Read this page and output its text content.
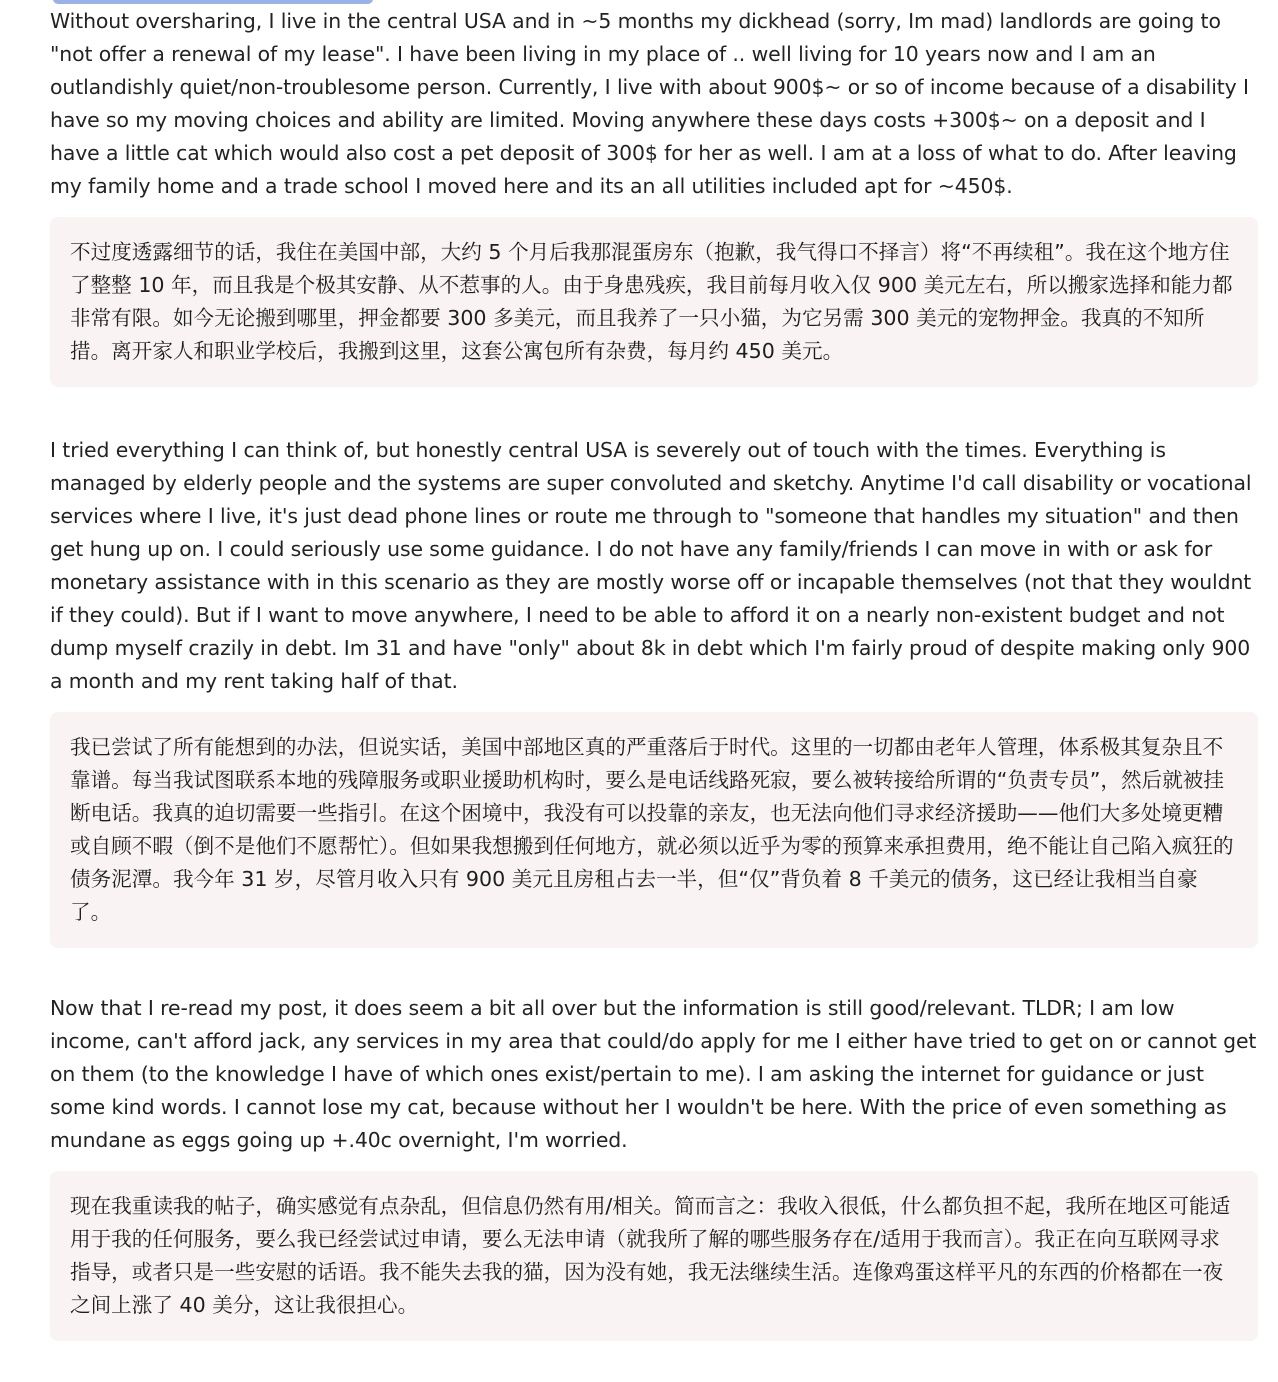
Without oversharing, I live in the central USA and in ~5 months my dickhead (sorry, Im mad) landlords are going to "not offer a renewal of my lease". I have been living in my place of .. well living for 10 years now and I am an outlandishly quiet/non-troublesome person. Currently, I live with about 900$~ or so of income because of a disability I have so my moving choices and ability are limited. Moving anywhere these days costs +300$~ on a deposit and I have a little cat which would also cost a pet deposit of 300$ for her as well. I am at a loss of what to do. After leaving my family home and a trade school I moved here and its an all utilities included apt for ~450$.

不过度透露细节的话，我住在美国中部，大约 5 个月后我那混蛋房东（抱歉，我气得口不择言）将“不再续租”。我在这个地方住了整整 10 年，而且我是个极其安静、从不惹事的人。由于身患残疾，我目前每月收入仅 900 美元左右，所以搬家选择和能力都非常有限。如今无论搬到哪里，押金都要 300 多美元，而且我养了一只小猫，为它另需 300 美元的宠物押金。我真的不知所措。离开家人和职业学校后，我搬到这里，这套公寓包所有杂费，每月约 450 美元。

I tried everything I can think of, but honestly central USA is severely out of touch with the times. Everything is managed by elderly people and the systems are super convoluted and sketchy. Anytime I'd call disability or vocational services where I live, it's just dead phone lines or route me through to "someone that handles my situation" and then get hung up on. I could seriously use some guidance. I do not have any family/friends I can move in with or ask for monetary assistance with in this scenario as they are mostly worse off or incapable themselves (not that they wouldnt if they could). But if I want to move anywhere, I need to be able to afford it on a nearly non-existent budget and not dump myself crazily in debt. Im 31 and have "only" about 8k in debt which I'm fairly proud of despite making only 900 a month and my rent taking half of that.

我已尝试了所有能想到的办法，但说实话，美国中部地区真的严重落后于时代。这里的一切都由老年人管理，体系极其复杂且不靠谱。每当我试图联系本地的残障服务或职业援助机构时，要么是电话线路死寂，要么被转接给所谓的“负责专员”，然后就被挂断电话。我真的迫切需要一些指引。在这个困境中，我没有可以投靠的亲友，也无法向他们寻求经济援助——他们大多处境更糟或自顾不暇（倒不是他们不愿帮忙）。但如果我想搬到任何地方，就必须以近乎为零的预算来承担费用，绝不能让自己陷入疯狂的债务泥潭。我今年 31 岁，尽管月收入只有 900 美元且房租占去一半，但“仅”背负着 8 千美元的债务，这已经让我相当自豪了。

Now that I re-read my post, it does seem a bit all over but the information is still good/relevant. TLDR; I am low income, can't afford jack, any services in my area that could/do apply for me I either have tried to get on or cannot get on them (to the knowledge I have of which ones exist/pertain to me). I am asking the internet for guidance or just some kind words. I cannot lose my cat, because without her I wouldn't be here. With the price of even something as mundane as eggs going up +.40c overnight, I'm worried.

现在我重读我的帖子，确实感觉有点杂乱，但信息仍然有用/相关。简而言之：我收入很低，什么都负担不起，我所在地区可能适用于我的任何服务，要么我已经尝试过申请，要么无法申请（就我所了解的哪些服务存在/适用于我而言）。我正在向互联网寻求指导，或者只是一些安慰的话语。我不能失去我的猫，因为没有她，我无法继续生活。连像鸡蛋这样平凡的东西的价格都在一夜之间上涨了 40 美分，这让我很担心。
